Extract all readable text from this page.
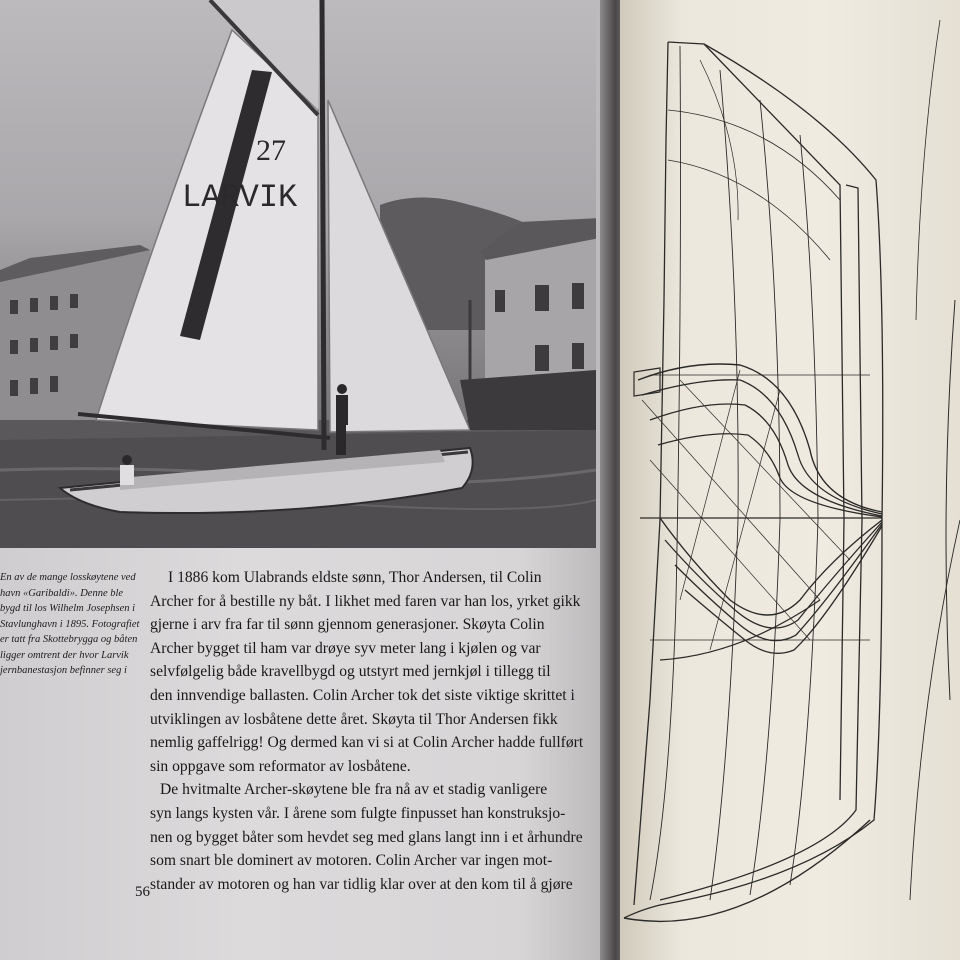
27
LARVIK
En av de mange losskøytene ved
havn «Garibaldi». Denne ble
bygd til los Wilhelm Josephsen i
Stavlunghavn i 1895. Fotografiet
er tatt fra Skottebrygga og båten
ligger omtrent der hvor Larvik
jernbanestasjon befinner seg i
I 1886 kom Ulabrands eldste sønn, Thor Andersen, til Colin
Archer for å bestille ny båt. I likhet med faren var han los, yrket gikk
gjerne i arv fra far til sønn gjennom generasjoner. Skøyta Colin
Archer bygget til ham var drøye syv meter lang i kjølen og var
selvfølgelig både kravellbygd og utstyrt med jernkjøl i tillegg til
den innvendige ballasten. Colin Archer tok det siste viktige skrittet i
utviklingen av losbåtene dette året. Skøyta til Thor Andersen fikk
nemlig gaffelrigg! Og dermed kan vi si at Colin Archer hadde fullført
sin oppgave som reformator av losbåtene.
De hvitmalte Archer-skøytene ble fra nå av et stadig vanligere
syn langs kysten vår. I årene som fulgte finpusset han konstruksjo-
nen og bygget båter som hevdet seg med glans langt inn i et århundre
som snart ble dominert av motoren. Colin Archer var ingen mot-
stander av motoren og han var tidlig klar over at den kom til å gjøre
56
